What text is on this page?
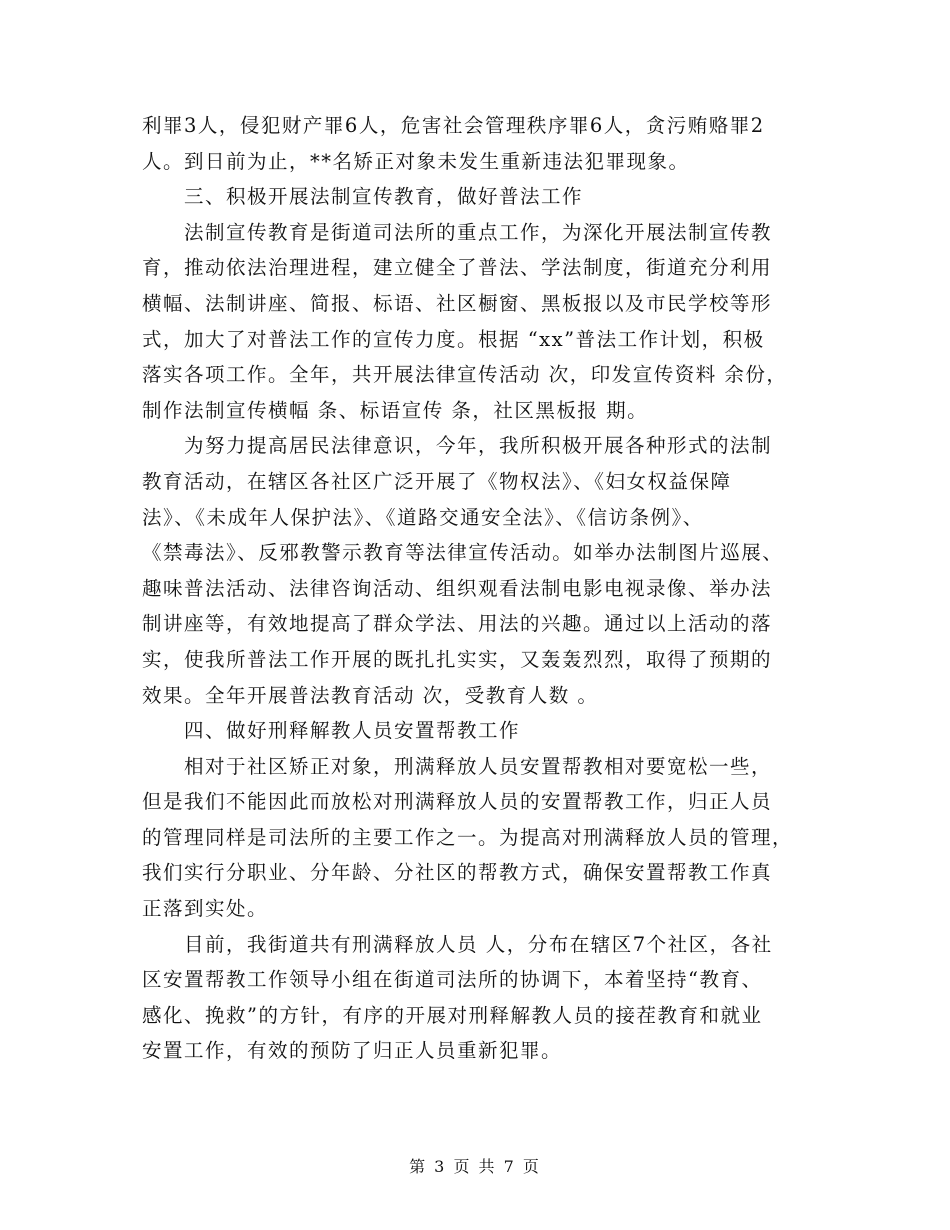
利罪3人，侵犯财产罪6人，危害社会管理秩序罪6人，贪污贿赂罪2
人。到日前为止，**名矫正对象未发生重新违法犯罪现象。
　　三、积极开展法制宣传教育，做好普法工作
　　法制宣传教育是街道司法所的重点工作，为深化开展法制宣传教
育，推动依法治理进程，建立健全了普法、学法制度，街道充分利用
横幅、法制讲座、简报、标语、社区橱窗、黑板报以及市民学校等形
式，加大了对普法工作的宣传力度。根据 “xx”普法工作计划，积极
落实各项工作。全年，共开展法律宣传活动 次，印发宣传资料 余份，
制作法制宣传横幅 条、标语宣传 条，社区黑板报 期。
　　为努力提高居民法律意识，今年，我所积极开展各种形式的法制
教育活动，在辖区各社区广泛开展了《物权法》、《妇女权益保障
法》、《未成年人保护法》、《道路交通安全法》、《信访条例》、
《禁毒法》、反邪教警示教育等法律宣传活动。如举办法制图片巡展、
趣味普法活动、法律咨询活动、组织观看法制电影电视录像、举办法
制讲座等，有效地提高了群众学法、用法的兴趣。通过以上活动的落
实，使我所普法工作开展的既扎扎实实，又轰轰烈烈，取得了预期的
效果。全年开展普法教育活动 次，受教育人数 。
　　四、做好刑释解教人员安置帮教工作
　　相对于社区矫正对象，刑满释放人员安置帮教相对要宽松一些，
但是我们不能因此而放松对刑满释放人员的安置帮教工作，归正人员
的管理同样是司法所的主要工作之一。为提高对刑满释放人员的管理，
我们实行分职业、分年龄、分社区的帮教方式，确保安置帮教工作真
正落到实处。
　　目前，我街道共有刑满释放人员 人，分布在辖区7个社区，各社
区安置帮教工作领导小组在街道司法所的协调下，本着坚持“教育、
感化、挽救”的方针，有序的开展对刑释解教人员的接茬教育和就业
安置工作，有效的预防了归正人员重新犯罪。
第 3 页 共 7 页
